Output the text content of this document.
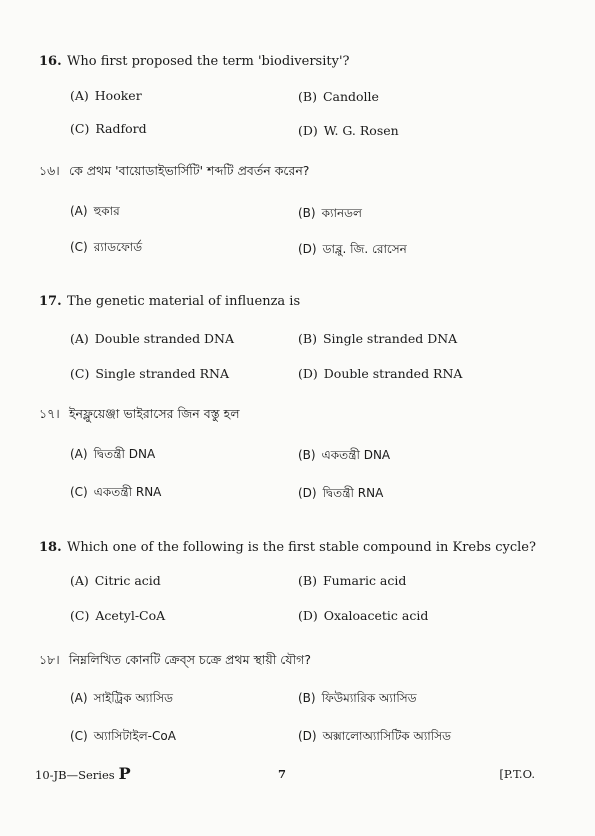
16. Who first proposed the term 'biodiversity'?
(A) Hooker	(B) Candolle
(C) Radford	(D) W. G. Rosen
১৬। কে প্রথম 'বায়োডাইভার্সিটি' শব্দটি প্রবর্তন করেন?
(A) হুকার	(B) ক্যানডল
(C) র‍্যাডফোর্ড	(D) ডাব্লু. জি. রোসেন
17. The genetic material of influenza is
(A) Double stranded DNA	(B) Single stranded DNA
(C) Single stranded RNA	(D) Double stranded RNA
১৭। ইনফ্লুয়েঞ্জা ভাইরাসের জিন বস্তু হল
(A) দ্বিতন্ত্রী DNA	(B) একতন্ত্রী DNA
(C) একতন্ত্রী RNA	(D) দ্বিতন্ত্রী RNA
18. Which one of the following is the first stable compound in Krebs cycle?
(A) Citric acid	(B) Fumaric acid
(C) Acetyl-CoA	(D) Oxaloacetic acid
১৮। নিম্নলিখিত কোনটি ক্রেব্স চক্রে প্রথম স্থায়ী যৌগ?
(A) সাইট্রিক অ্যাসিড	(B) ফিউম্যারিক অ্যাসিড
(C) অ্যাসিটাইল-CoA	(D) অক্সালোঅ্যাসিটিক অ্যাসিড
10-JB—Series P	7	[P.T.O.
